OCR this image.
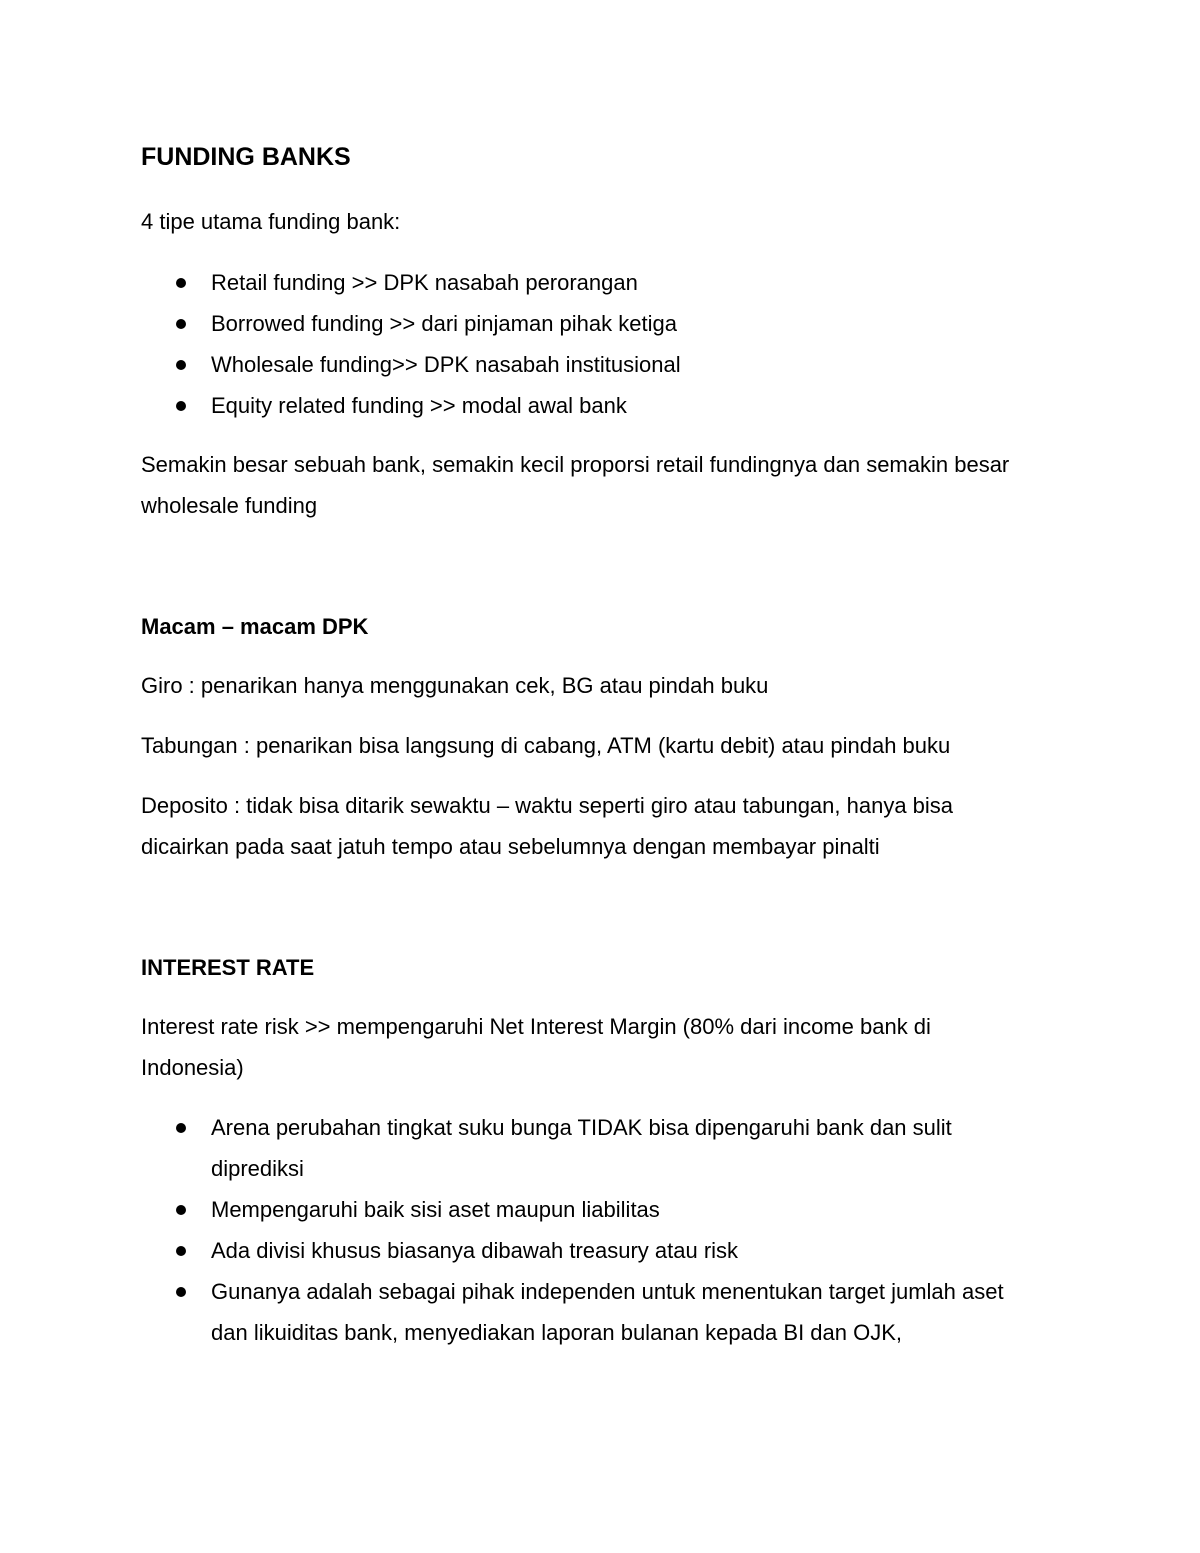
FUNDING BANKS

4 tipe utama funding bank:

Retail funding >> DPK nasabah perorangan
Borrowed funding >> dari pinjaman pihak ketiga
Wholesale funding>> DPK nasabah institusional
Equity related funding >> modal awal bank

Semakin besar sebuah bank, semakin kecil proporsi retail fundingnya dan semakin besar wholesale funding

Macam – macam DPK

Giro : penarikan hanya menggunakan cek, BG atau pindah buku

Tabungan : penarikan bisa langsung di cabang, ATM (kartu debit) atau pindah buku

Deposito : tidak bisa ditarik sewaktu – waktu seperti giro atau tabungan, hanya bisa dicairkan pada saat jatuh tempo atau sebelumnya dengan membayar pinalti

INTEREST RATE

Interest rate risk >> mempengaruhi Net Interest Margin (80% dari income bank di Indonesia)

Arena perubahan tingkat suku bunga TIDAK bisa dipengaruhi bank dan sulit diprediksi
Mempengaruhi baik sisi aset maupun liabilitas
Ada divisi khusus biasanya dibawah treasury atau risk
Gunanya adalah sebagai pihak independen untuk menentukan target jumlah aset dan likuiditas bank, menyediakan laporan bulanan kepada BI dan OJK,
